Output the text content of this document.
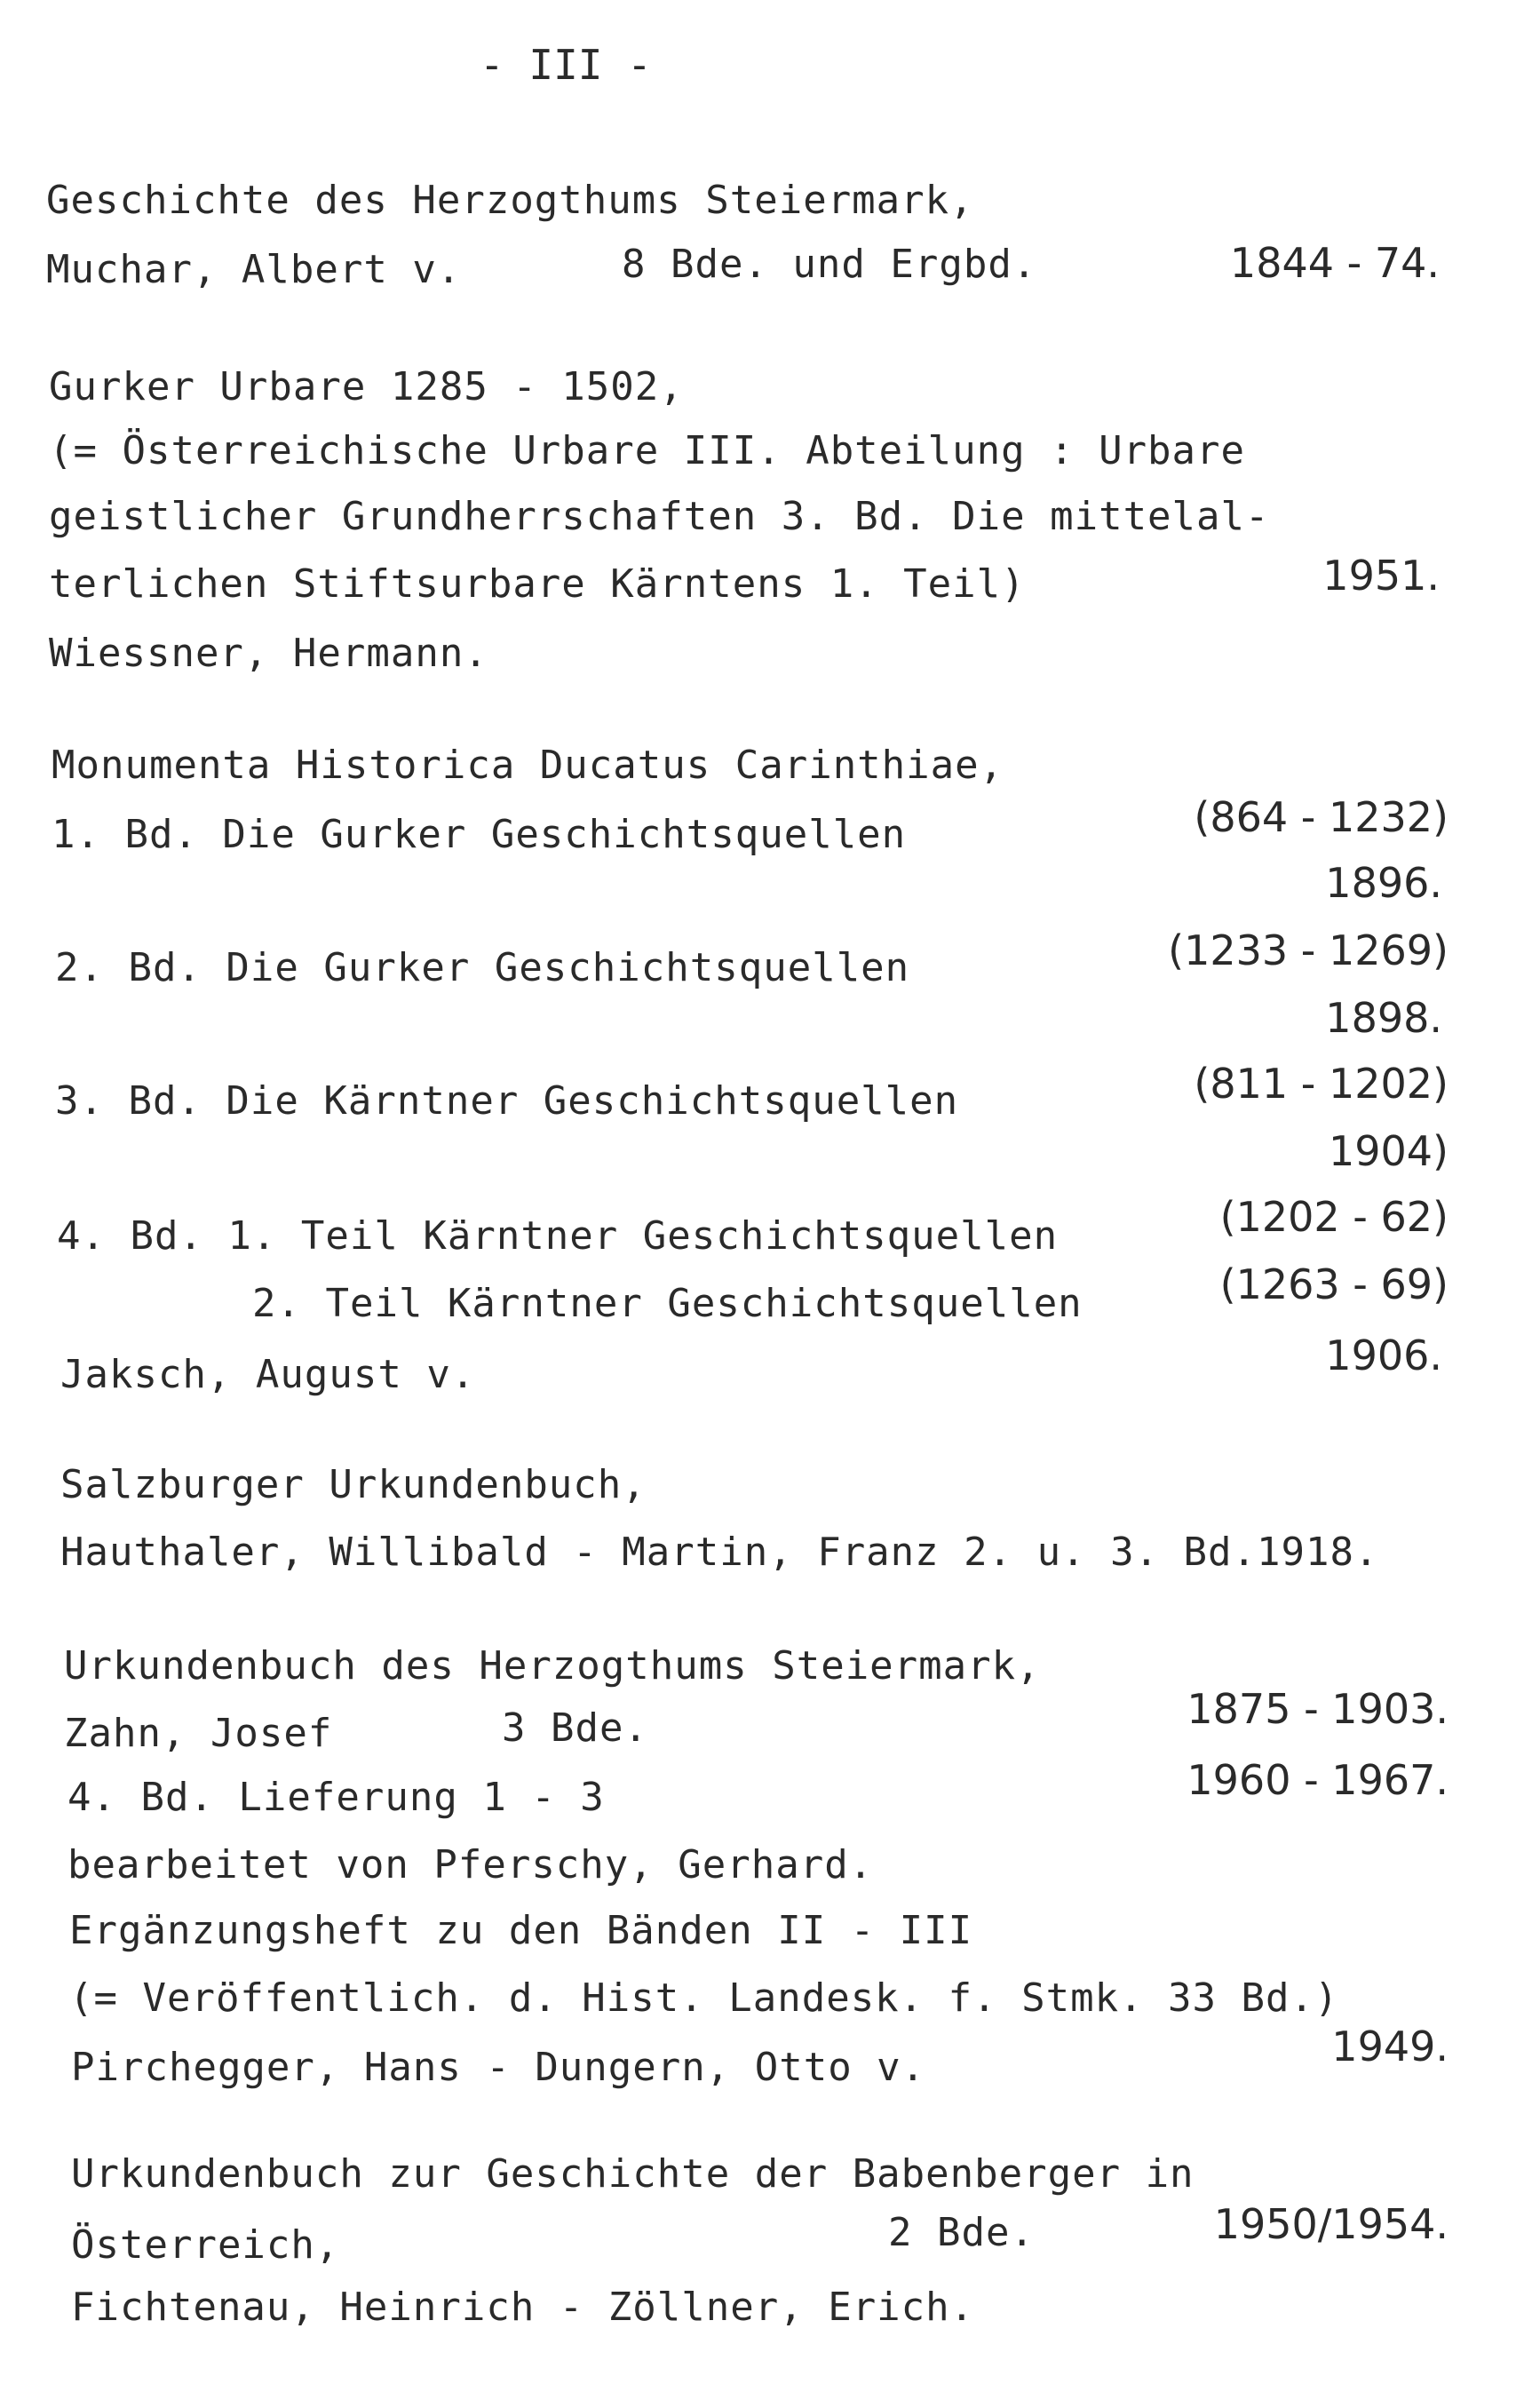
- III -
Geschichte des Herzogthums Steiermark,
Muchar, Albert v.	8 Bde. und Ergbd.	1844 - 74.
Gurker Urbare 1285 - 1502,
(= Österreichische Urbare III. Abteilung : Urbare
geistlicher Grundherrschaften 3. Bd. Die mittelal-
terlichen Stiftsurbare Kärntens 1. Teil)	1951.
Wiessner, Hermann.
Monumenta Historica Ducatus Carinthiae,
1. Bd. Die Gurker Geschichtsquellen	(864 - 1232)
1896.
2. Bd. Die Gurker Geschichtsquellen	(1233 - 1269)
1898.
3. Bd. Die Kärntner Geschichtsquellen	(811 - 1202)
1904)
4. Bd. 1. Teil Kärntner Geschichtsquellen	(1202 - 62)
2. Teil Kärntner Geschichtsquellen	(1263 - 69)
Jaksch, August v.	1906.
Salzburger Urkundenbuch,
Hauthaler, Willibald - Martin, Franz 2. u. 3. Bd.1918.
Urkundenbuch des Herzogthums Steiermark,
Zahn, Josef	3 Bde.	1875 - 1903.
4. Bd. Lieferung 1 - 3	1960 - 1967.
bearbeitet von Pferschy, Gerhard.
Ergänzungsheft zu den Bänden II - III
(= Veröffentlich. d. Hist. Landesk. f. Stmk. 33 Bd.)
Pirchegger, Hans - Dungern, Otto v.	1949.
Urkundenbuch zur Geschichte der Babenberger in
Österreich,	2 Bde.	1950/1954.
Fichtenau, Heinrich - Zöllner, Erich.
